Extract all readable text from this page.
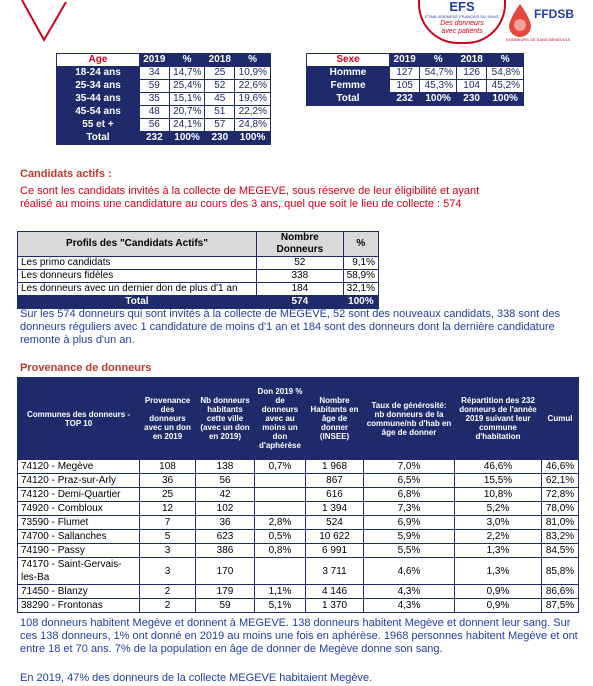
EFS
ÉTABLISSEMENT FRANÇAIS DU SANG
Des donneurs avec patients
FFDSB
DONNEURS DE SANG BÉNÉVOLE
Age	2019	%	2018	%
18-24 ans	34	14,7%	25	10,9%
25-34 ans	59	25,4%	52	22,6%
35-44 ans	35	15,1%	45	19,6%
45-54 ans	48	20,7%	51	22,2%
55 et +	56	24,1%	57	24,8%
Total	232	100%	230	100%
Sexe	2019	%	2018	%
Homme	127	54,7%	126	54,8%
Femme	105	45,3%	104	45,2%
Total	232	100%	230	100%
Candidats actifs :
Ce sont les candidats invités à la collecte de MEGEVE, sous réserve de leur éligibilité et ayant réalisé au moins une candidature au cours des 3 ans, quel que soit le lieu de collecte : 574
Profils des "Candidats Actifs"	Nombre Donneurs	%
Les primo candidats	52	9,1%
Les donneurs fidèles	338	58,9%
Les donneurs avec un dernier don de plus d'1 an	184	32,1%
Total	574	100%
Sur les 574 donneurs qui sont invités à la collecte de MEGEVE, 52 sont des nouveaux candidats, 338 sont des donneurs réguliers avec 1 candidature de moins d'1 an et 184 sont des donneurs dont la dernière candidature remonte à plus d'un an.
Provenance de donneurs
Communes des donneurs - TOP 10	Provenance des donneurs avec un don en 2019	Nb donneurs habitants cette ville (avec un don en 2019)	Don 2019 % de donneurs avec au moins un don d'aphérèse	Nombre Habitants en âge de donner (INSEE)	Taux de générosité: nb donneurs de la commune/nb d'hab en âge de donner	Répartition des 232 donneurs de l'année 2019 suivant leur commune d'habitation	Cumul
74120 - Megève	108	138	0,7%	1 968	7,0%	46,6%	46,6%
74120 - Praz-sur-Arly	36	56		867	6,5%	15,5%	62,1%
74120 - Demi-Quartier	25	42		616	6,8%	10,8%	72,8%
74920 - Combloux	12	102		1 394	7,3%	5,2%	78,0%
73590 - Flumet	7	36	2,8%	524	6,9%	3,0%	81,0%
74700 - Sallanches	5	623	0,5%	10 622	5,9%	2,2%	83,2%
74190 - Passy	3	386	0,8%	6 991	5,5%	1,3%	84,5%
74170 - Saint-Gervais-les-Ba	3	170		3 711	4,6%	1,3%	85,8%
71450 - Blanzy	2	179	1,1%	4 146	4,3%	0,9%	86,6%
38290 - Frontonas	2	59	5,1%	1 370	4,3%	0,9%	87,5%
108 donneurs habitent Megève et donnent à MEGEVE. 138 donneurs habitent Megève et donnent leur sang. Sur ces 138 donneurs, 1% ont donné en 2019 au moins une fois en aphérèse. 1968 personnes habitent Megève et ont entre 18 et 70 ans. 7% de la population en âge de donner de Megève donne son sang.
En 2019, 47% des donneurs de la collecte MEGEVE habitaient Megève.
